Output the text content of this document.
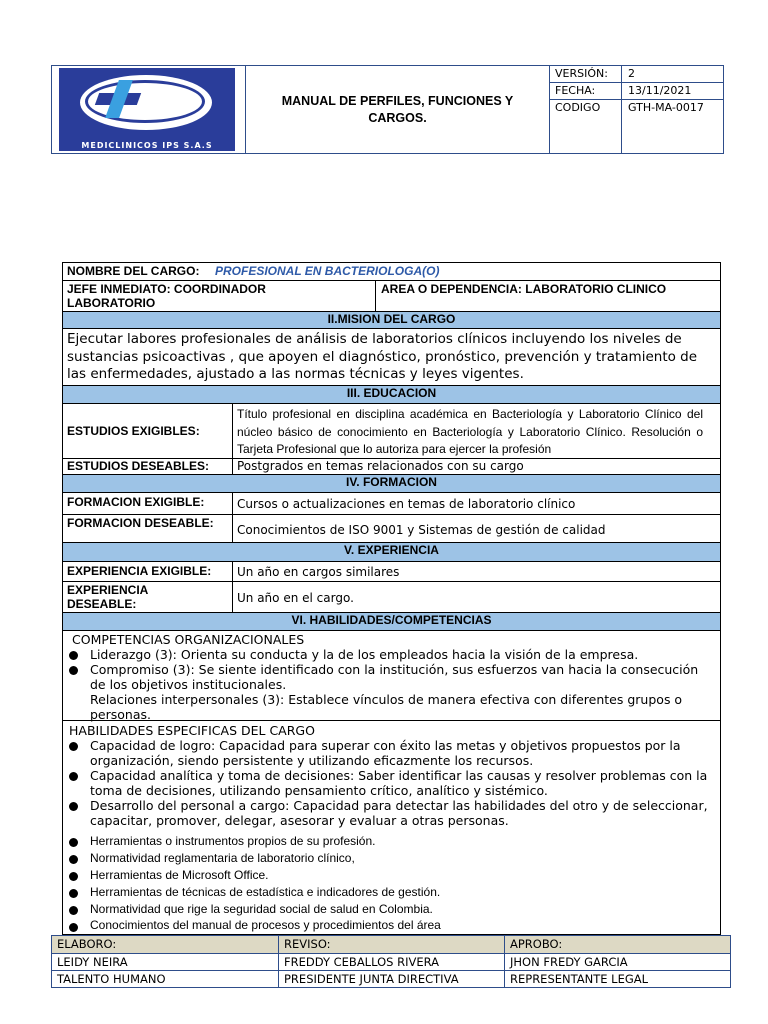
MEDICLINICOS IPS S.A.S
MANUAL DE PERFILES, FUNCIONES Y CARGOS.
VERSIÓN: 2
FECHA:	13/11/2021
CODIGO	GTH-MA-0017
NOMBRE DEL CARGO: PROFESIONAL EN BACTERIOLOGA(O)
JEFE INMEDIATO: COORDINADOR
LABORATORIO
AREA O DEPENDENCIA: LABORATORIO CLINICO
II.MISION DEL CARGO
Ejecutar labores profesionales de análisis de laboratorios clínicos incluyendo los niveles de sustancias psicoactivas , que apoyen el diagnóstico, pronóstico, prevención y tratamiento de las enfermedades, ajustado a las normas técnicas y leyes vigentes.
III. EDUCACION
ESTUDIOS EXIGIBLES:
Título profesional en disciplina académica en Bacteriología y Laboratorio Clínico del núcleo básico de conocimiento en Bacteriología y Laboratorio Clínico. Resolución o Tarjeta Profesional que lo autoriza para ejercer la profesión
ESTUDIOS DESEABLES: Postgrados en temas relacionados con su cargo
IV. FORMACION
FORMACION EXIGIBLE:	Cursos o actualizaciones en temas de laboratorio clínico
FORMACION DESEABLE: Conocimientos de ISO 9001 y Sistemas de gestión de calidad
V. EXPERIENCIA
EXPERIENCIA EXIGIBLE: Un año en cargos similares
EXPERIENCIA
DESEABLE:	Un año en el cargo.
VI. HABILIDADES/COMPETENCIAS
COMPETENCIAS ORGANIZACIONALES
Liderazgo (3): Orienta su conducta y la de los empleados hacia la visión de la empresa.
Compromiso (3): Se siente identificado con la institución, sus esfuerzos van hacia la consecución de los objetivos institucionales.
Relaciones interpersonales (3): Establece vínculos de manera efectiva con diferentes grupos o personas.
HABILIDADES ESPECIFICAS DEL CARGO
Capacidad de logro: Capacidad para superar con éxito las metas y objetivos propuestos por la organización, siendo persistente y utilizando eficazmente los recursos.
Capacidad analítica y toma de decisiones: Saber identificar las causas y resolver problemas con la toma de decisiones, utilizando pensamiento crítico, analítico y sistémico.
Desarrollo del personal a cargo: Capacidad para detectar las habilidades del otro y de seleccionar, capacitar, promover, delegar, asesorar y evaluar a otras personas.
Herramientas o instrumentos propios de su profesión.
Normatividad reglamentaria de laboratorio clínico,
Herramientas de Microsoft Office.
Herramientas de técnicas de estadística e indicadores de gestión.
Normatividad que rige la seguridad social de salud en Colombia.
Conocimientos del manual de procesos y procedimientos del área
ELABORO:	REVISO:	APROBO:
LEIDY NEIRA	FREDDY CEBALLOS RIVERA	JHON FREDY GARCIA
TALENTO HUMANO	PRESIDENTE JUNTA DIRECTIVA	REPRESENTANTE LEGAL
